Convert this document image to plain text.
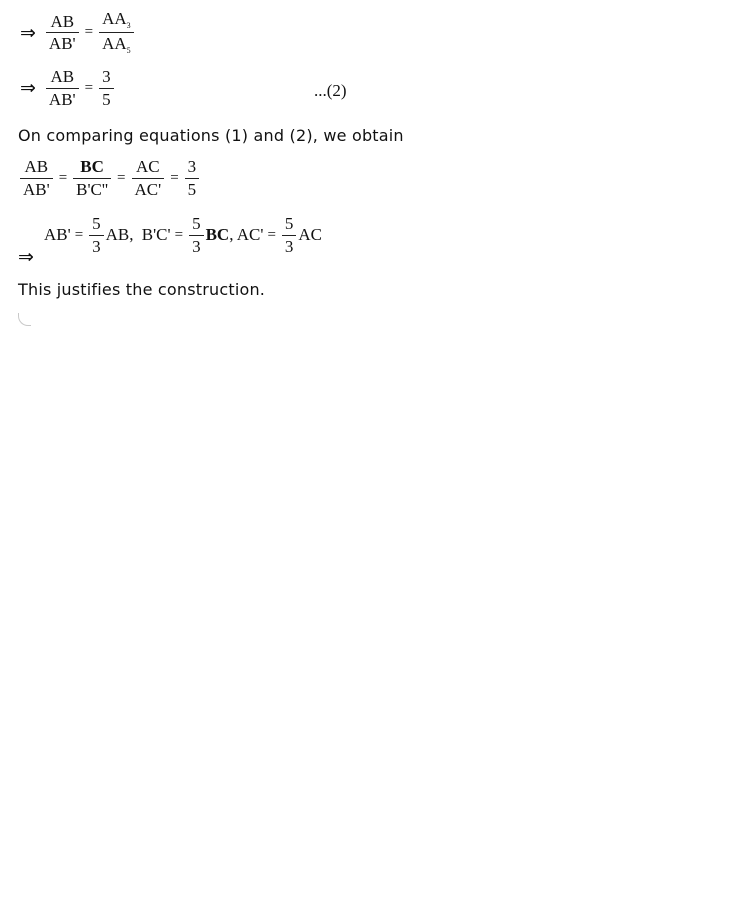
⇒ $\frac{AB}{AB'} = \frac{AA_3}{AA_5}$
⇒ $\frac{AB}{AB'} = \frac{3}{5}$	...(2)
On comparing equations (1) and (2), we obtain
$\frac{AB}{AB'} = \frac{BC}{B'C''} = \frac{AC}{AC'} = \frac{3}{5}$
⇒
$AB' = \frac{5}{3}$ AB, $B'C' = \frac{5}{3}$ BC , $AC' = \frac{5}{3}$ AC
This justifies the construction.
